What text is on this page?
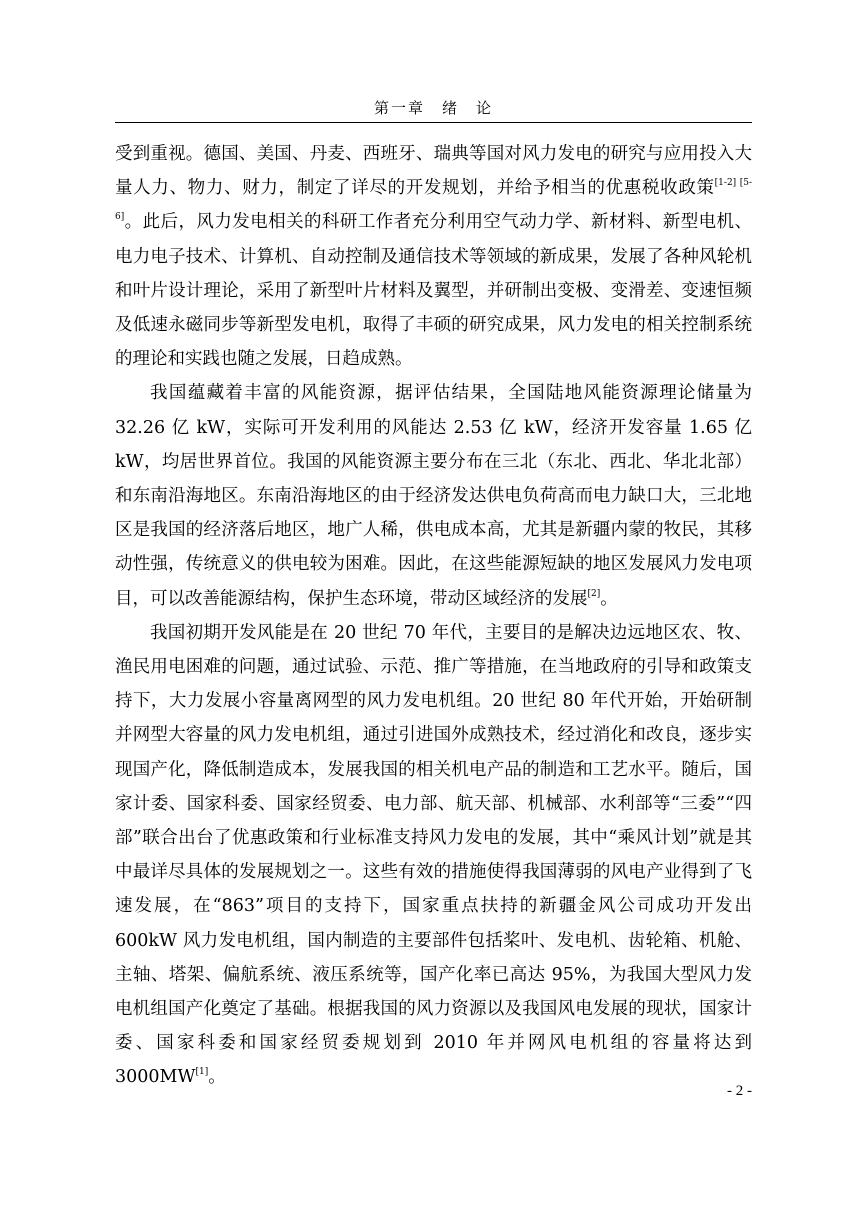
第一章　绪　论

受到重视。德国、美国、丹麦、西班牙、瑞典等国对风力发电的研究与应用投入大量人力、物力、财力，制定了详尽的开发规划，并给予相当的优惠税收政策[1-2] [5-6]。此后，风力发电相关的科研工作者充分利用空气动力学、新材料、新型电机、电力电子技术、计算机、自动控制及通信技术等领域的新成果，发展了各种风轮机和叶片设计理论，采用了新型叶片材料及翼型，并研制出变极、变滑差、变速恒频及低速永磁同步等新型发电机，取得了丰硕的研究成果，风力发电的相关控制系统的理论和实践也随之发展，日趋成熟。

我国蕴藏着丰富的风能资源，据评估结果，全国陆地风能资源理论储量为 32.26 亿 kW，实际可开发利用的风能达 2.53 亿 kW，经济开发容量 1.65 亿 kW，均居世界首位。我国的风能资源主要分布在三北（东北、西北、华北北部）和东南沿海地区。东南沿海地区的由于经济发达供电负荷高而电力缺口大，三北地区是我国的经济落后地区，地广人稀，供电成本高，尤其是新疆内蒙的牧民，其移动性强，传统意义的供电较为困难。因此，在这些能源短缺的地区发展风力发电项目，可以改善能源结构，保护生态环境，带动区域经济的发展[2]。

我国初期开发风能是在 20 世纪 70 年代，主要目的是解决边远地区农、牧、渔民用电困难的问题，通过试验、示范、推广等措施，在当地政府的引导和政策支持下，大力发展小容量离网型的风力发电机组。20 世纪 80 年代开始，开始研制并网型大容量的风力发电机组，通过引进国外成熟技术，经过消化和改良，逐步实现国产化，降低制造成本，发展我国的相关机电产品的制造和工艺水平。随后，国家计委、国家科委、国家经贸委、电力部、航天部、机械部、水利部等“三委”“四部”联合出台了优惠政策和行业标准支持风力发电的发展，其中“乘风计划”就是其中最详尽具体的发展规划之一。这些有效的措施使得我国薄弱的风电产业得到了飞速发展，在“863”项目的支持下，国家重点扶持的新疆金风公司成功开发出 600kW 风力发电机组，国内制造的主要部件包括桨叶、发电机、齿轮箱、机舱、主轴、塔架、偏航系统、液压系统等，国产化率已高达 95%，为我国大型风力发电机组国产化奠定了基础。根据我国的风力资源以及我国风电发展的现状，国家计委、国家科委和国家经贸委规划到 2010 年并网风电机组的容量将达到 3000MW[1]。

- 2 -
